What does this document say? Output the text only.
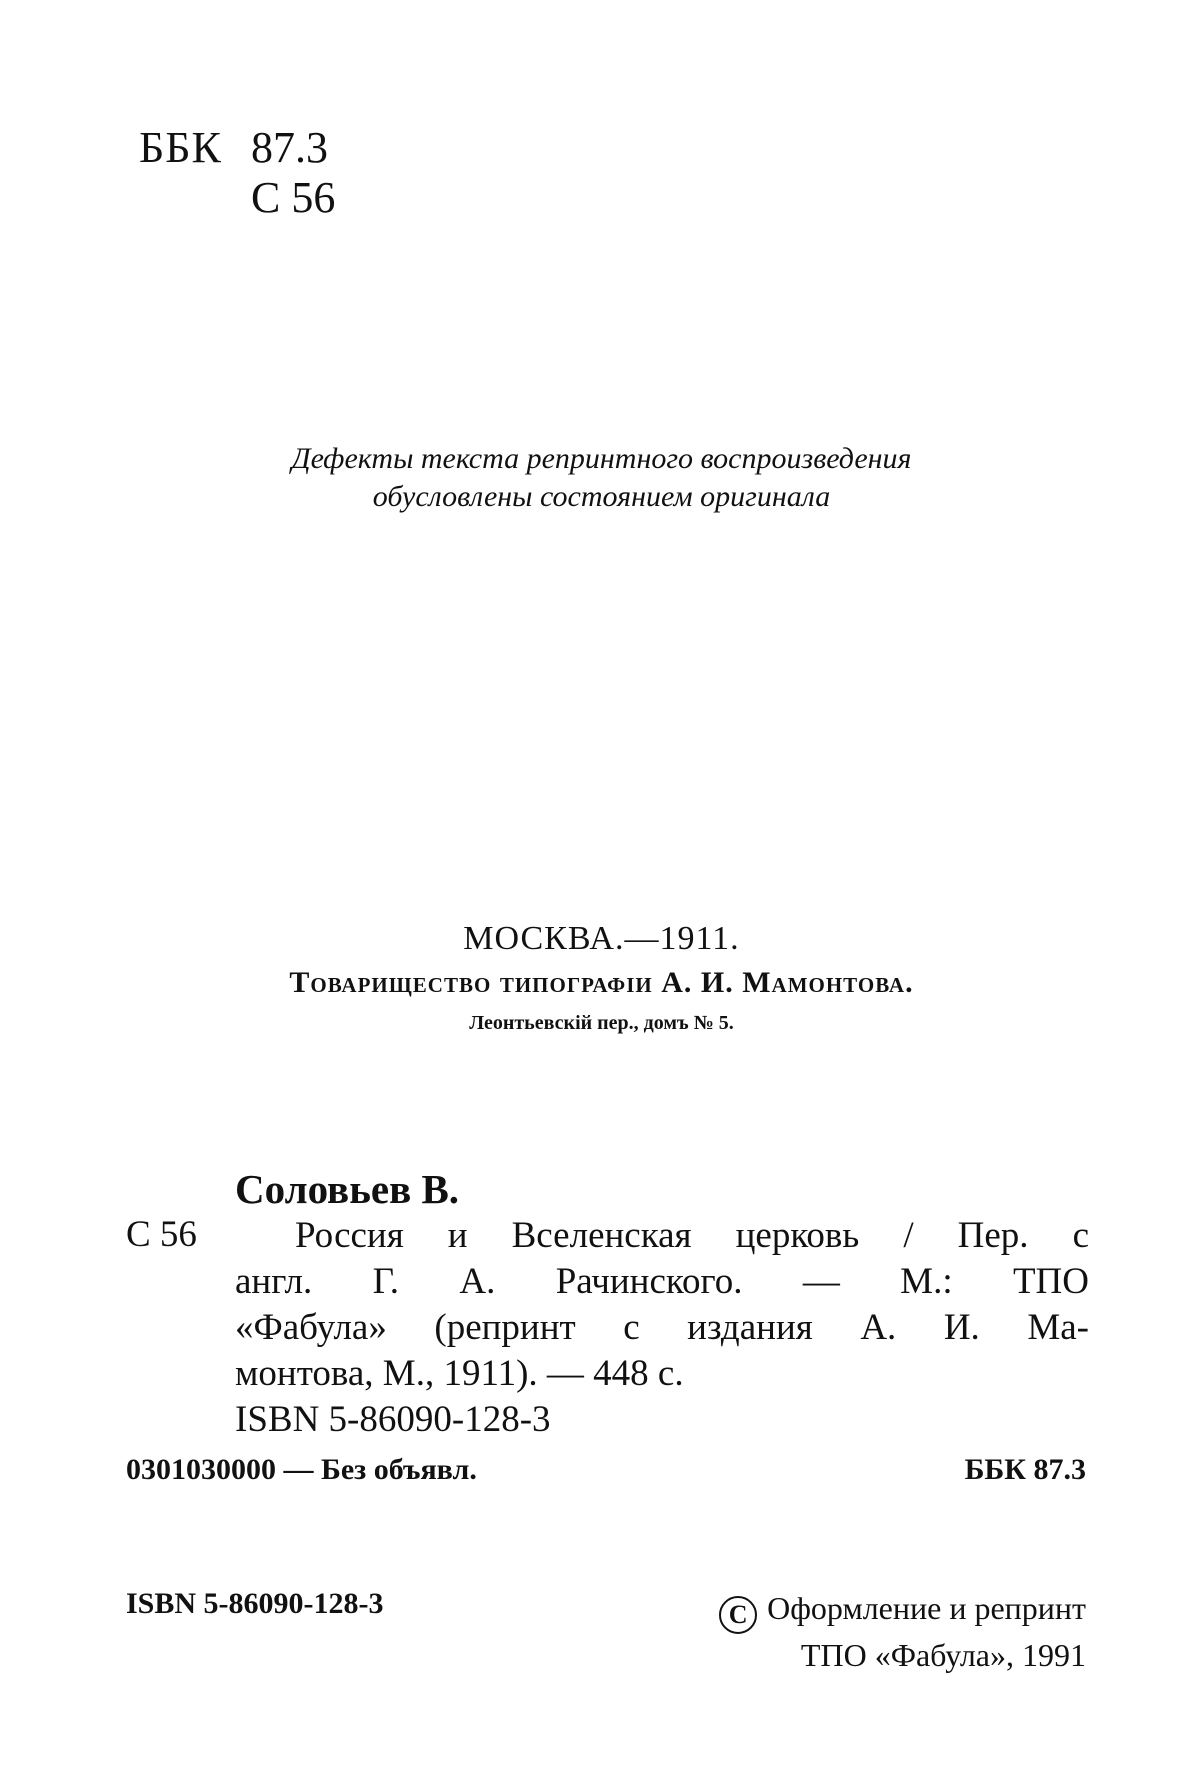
ББК 87.3
С 56
Дефекты текста репринтного воспроизведения
обусловлены состоянием оригинала
МОСКВА.—1911.
Товарищество типографіи А. И. Мамонтова.
Леонтьевскій пер., домъ № 5.
Соловьев В.
С 56	Россия и Вселенская церковь / Пер. с
англ. Г. А. Рачинского. — М.: ТПО
«Фабула» (репринт с издания А. И. Ма-
монтова, М., 1911). — 448 с.
ISBN 5-86090-128-3
0301030000 — Без объявл.	ББК 87.3
ISBN 5-86090-128-3	C Оформление и репринт
ТПО «Фабула», 1991
